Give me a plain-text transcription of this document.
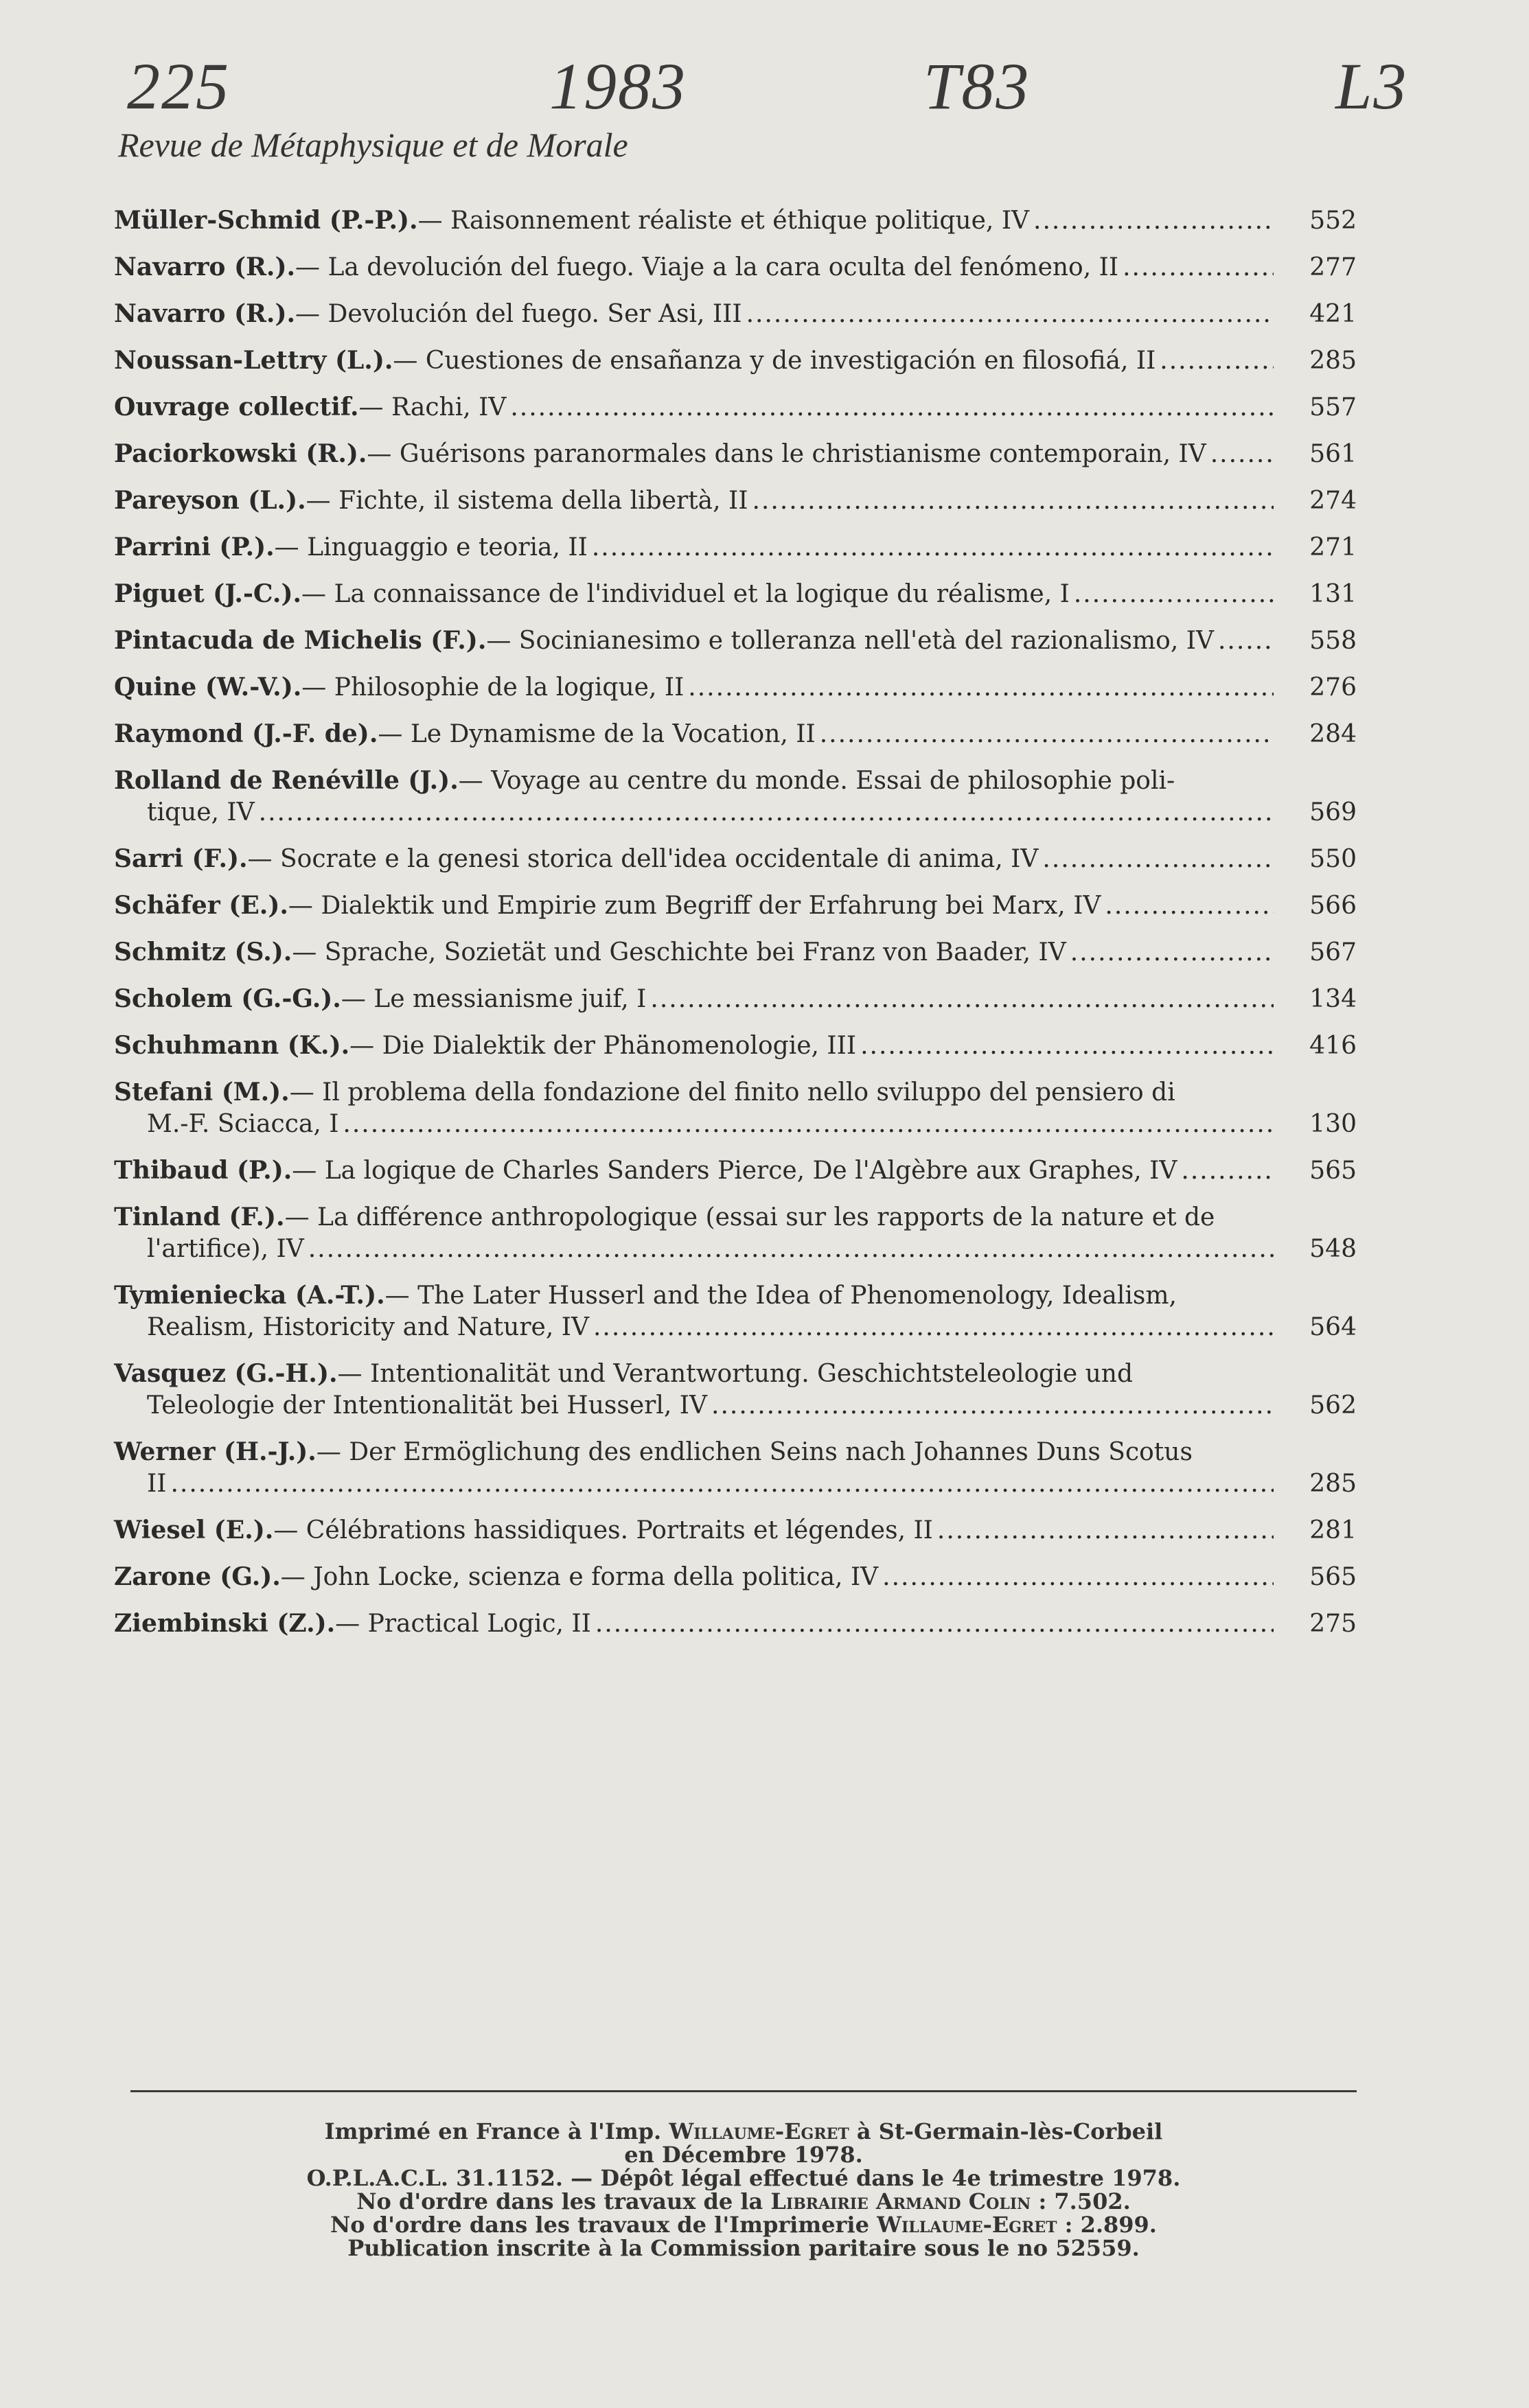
225	1983	T83	L3
Revue de Métaphysique et de Morale
Müller-Schmid (P.-P.). — Raisonnement réaliste et éthique politique, IV .....	552
Navarro (R.). — La devolución del fuego. Viaje a la cara oculta del fenómeno, II .....	277
Navarro (R.). — Devolución del fuego. Ser Asi, III .....	421
Noussan-Lettry (L.). — Cuestiones de ensañanza y de investigación en filosofiá, II .....	285
Ouvrage collectif. — Rachi, IV .....	557
Paciorkowski (R.). — Guérisons paranormales dans le christianisme contemporain, IV .....	561
Pareyson (L.). — Fichte, il sistema della libertà, II .....	274
Parrini (P.). — Linguaggio e teoria, II .....	271
Piguet (J.-C.). — La connaissance de l'individuel et la logique du réalisme, I .....	131
Pintacuda de Michelis (F.). — Socinianesimo e tolleranza nell'età del razionalismo, IV .....	558
Quine (W.-V.). — Philosophie de la logique, II .....	276
Raymond (J.-F. de). — Le Dynamisme de la Vocation, II .....	284
Rolland de Renéville (J.). — Voyage au centre du monde. Essai de philosophie poli-
tique, IV .....	569
Sarri (F.). — Socrate e la genesi storica dell'idea occidentale di anima, IV .....	550
Schäfer (E.). — Dialektik und Empirie zum Begriff der Erfahrung bei Marx, IV .....	566
Schmitz (S.). — Sprache, Sozietät und Geschichte bei Franz von Baader, IV .....	567
Scholem (G.-G.). — Le messianisme juif, I .....	134
Schuhmann (K.). — Die Dialektik der Phänomenologie, III .....	416
Stefani (M.). — Il problema della fondazione del finito nello sviluppo del pensiero di
M.-F. Sciacca, I .....	130
Thibaud (P.). — La logique de Charles Sanders Pierce, De l'Algèbre aux Graphes, IV .....	565
Tinland (F.). — La différence anthropologique (essai sur les rapports de la nature et de
l'artifice), IV .....	548
Tymieniecka (A.-T.). — The Later Husserl and the Idea of Phenomenology, Idealism,
Realism, Historicity and Nature, IV .....	564
Vasquez (G.-H.). — Intentionalität und Verantwortung. Geschichtsteleologie und
Teleologie der Intentionalität bei Husserl, IV .....	562
Werner (H.-J.). — Der Ermöglichung des endlichen Seins nach Johannes Duns Scotus
II .....	285
Wiesel (E.). — Célébrations hassidiques. Portraits et légendes, II .....	281
Zarone (G.). — John Locke, scienza e forma della politica, IV .....	565
Ziembinski (Z.). — Practical Logic, II .....	275
Imprimé en France à l'Imp. Willaume-Egret à St-Germain-lès-Corbeil
en Décembre 1978.
O.P.L.A.C.L. 31.1152. — Dépôt légal effectué dans le 4e trimestre 1978.
No d'ordre dans les travaux de la Librairie Armand Colin : 7.502.
No d'ordre dans les travaux de l'Imprimerie Willaume-Egret : 2.899.
Publication inscrite à la Commission paritaire sous le no 52559.
